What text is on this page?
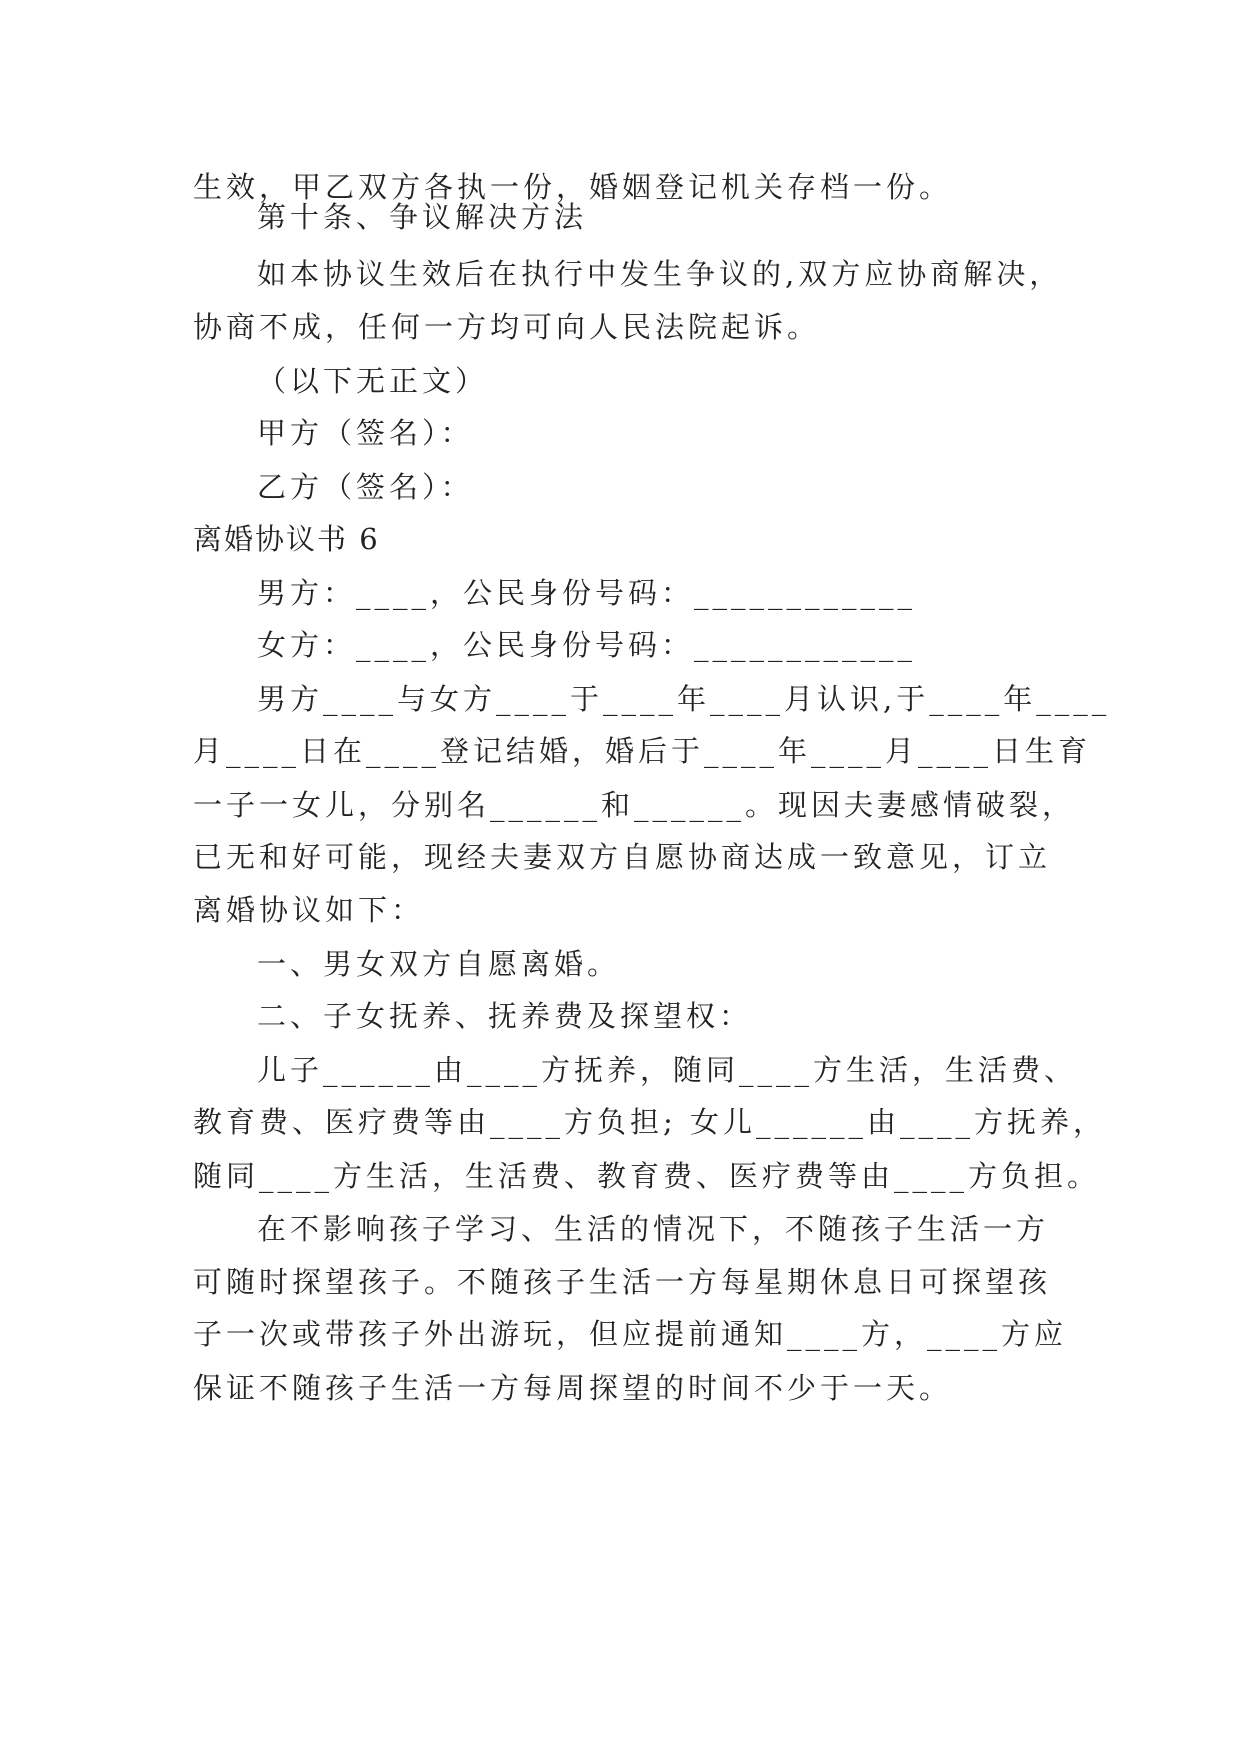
生效，甲乙双方各执一份，婚姻登记机关存档一份。
第十条、争议解决方法
如本协议生效后在执行中发生争议的,双方应协商解决，
协商不成，任何一方均可向人民法院起诉。
（以下无正文）
甲方（签名）：
乙方（签名）：
离婚协议书 6
男方：____，公民身份号码：____________
女方：____，公民身份号码：____________
男方____与女方____于____年____月认识,于____年____
月____日在____登记结婚，婚后于____年____月____日生育
一子一女儿，分别名______和______。现因夫妻感情破裂，
已无和好可能，现经夫妻双方自愿协商达成一致意见，订立
离婚协议如下：
一、男女双方自愿离婚。
二、子女抚养、抚养费及探望权：
儿子______由____方抚养，随同____方生活，生活费、
教育费、医疗费等由____方负担; 女儿______由____方抚养，
随同____方生活，生活费、教育费、医疗费等由____方负担。
在不影响孩子学习、生活的情况下，不随孩子生活一方
可随时探望孩子。不随孩子生活一方每星期休息日可探望孩
子一次或带孩子外出游玩，但应提前通知____方，____方应
保证不随孩子生活一方每周探望的时间不少于一天。
